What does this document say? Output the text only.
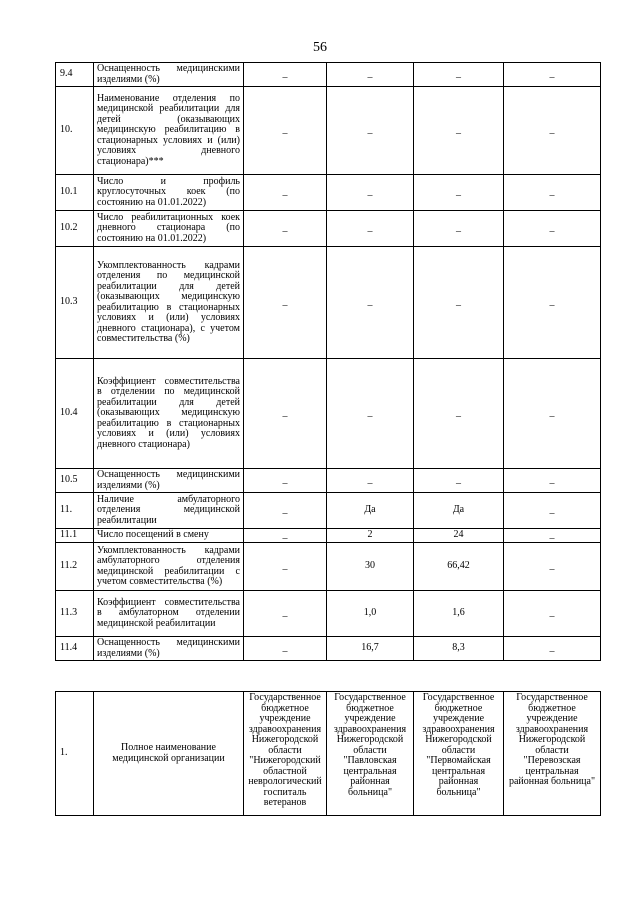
56
9.4	Оснащенность медицинскими изделиями (%)	_	_	_	_
10.	Наименование отделения по медицинской реабилитации для детей (оказывающих медицинскую реабилитацию в стационарных условиях и (или) условиях дневного стационара)***	_	_	_	_
10.1	Число и профиль круглосуточных коек (по состоянию на 01.01.2022)	_	_	_	_
10.2	Число реабилитационных коек дневного стационара (по состоянию на 01.01.2022)	_	_	_	_
10.3	Укомплектованность кадрами отделения по медицинской реабилитации для детей (оказывающих медицинскую реабилитацию в стационарных условиях и (или) условиях дневного стационара), с учетом совместительства (%)	_	_	_	_
10.4	Коэффициент совместительства в отделении по медицинской реабилитации для детей (оказывающих медицинскую реабилитацию в стационарных условиях и (или) условиях дневного стационара)	_	_	_	_
10.5	Оснащенность медицинскими изделиями (%)	_	_	_	_
11.	Наличие амбулаторного отделения медицинской реабилитации	_	Да	Да	_
11.1	Число посещений в смену	_	2	24	_
11.2	Укомплектованность кадрами амбулаторного отделения медицинской реабилитации с учетом совместительства (%)	_	30	66,42	_
11.3	Коэффициент совместительства в амбулаторном отделении медицинской реабилитации	_	1,0	1,6	_
11.4	Оснащенность медицинскими изделиями (%)	_	16,7	8,3	_
1.	Полное наименование медицинской организации	Государственное бюджетное учреждение здравоохранения Нижегородской области "Нижегородский областной неврологический госпиталь ветеранов	Государственное бюджетное учреждение здравоохранения Нижегородской области "Павловская центральная районная больница"	Государственное бюджетное учреждение здравоохранения Нижегородской области "Первомайская центральная районная больница"	Государственное бюджетное учреждение здравоохранения Нижегородской области "Перевозская центральная районная больница"
